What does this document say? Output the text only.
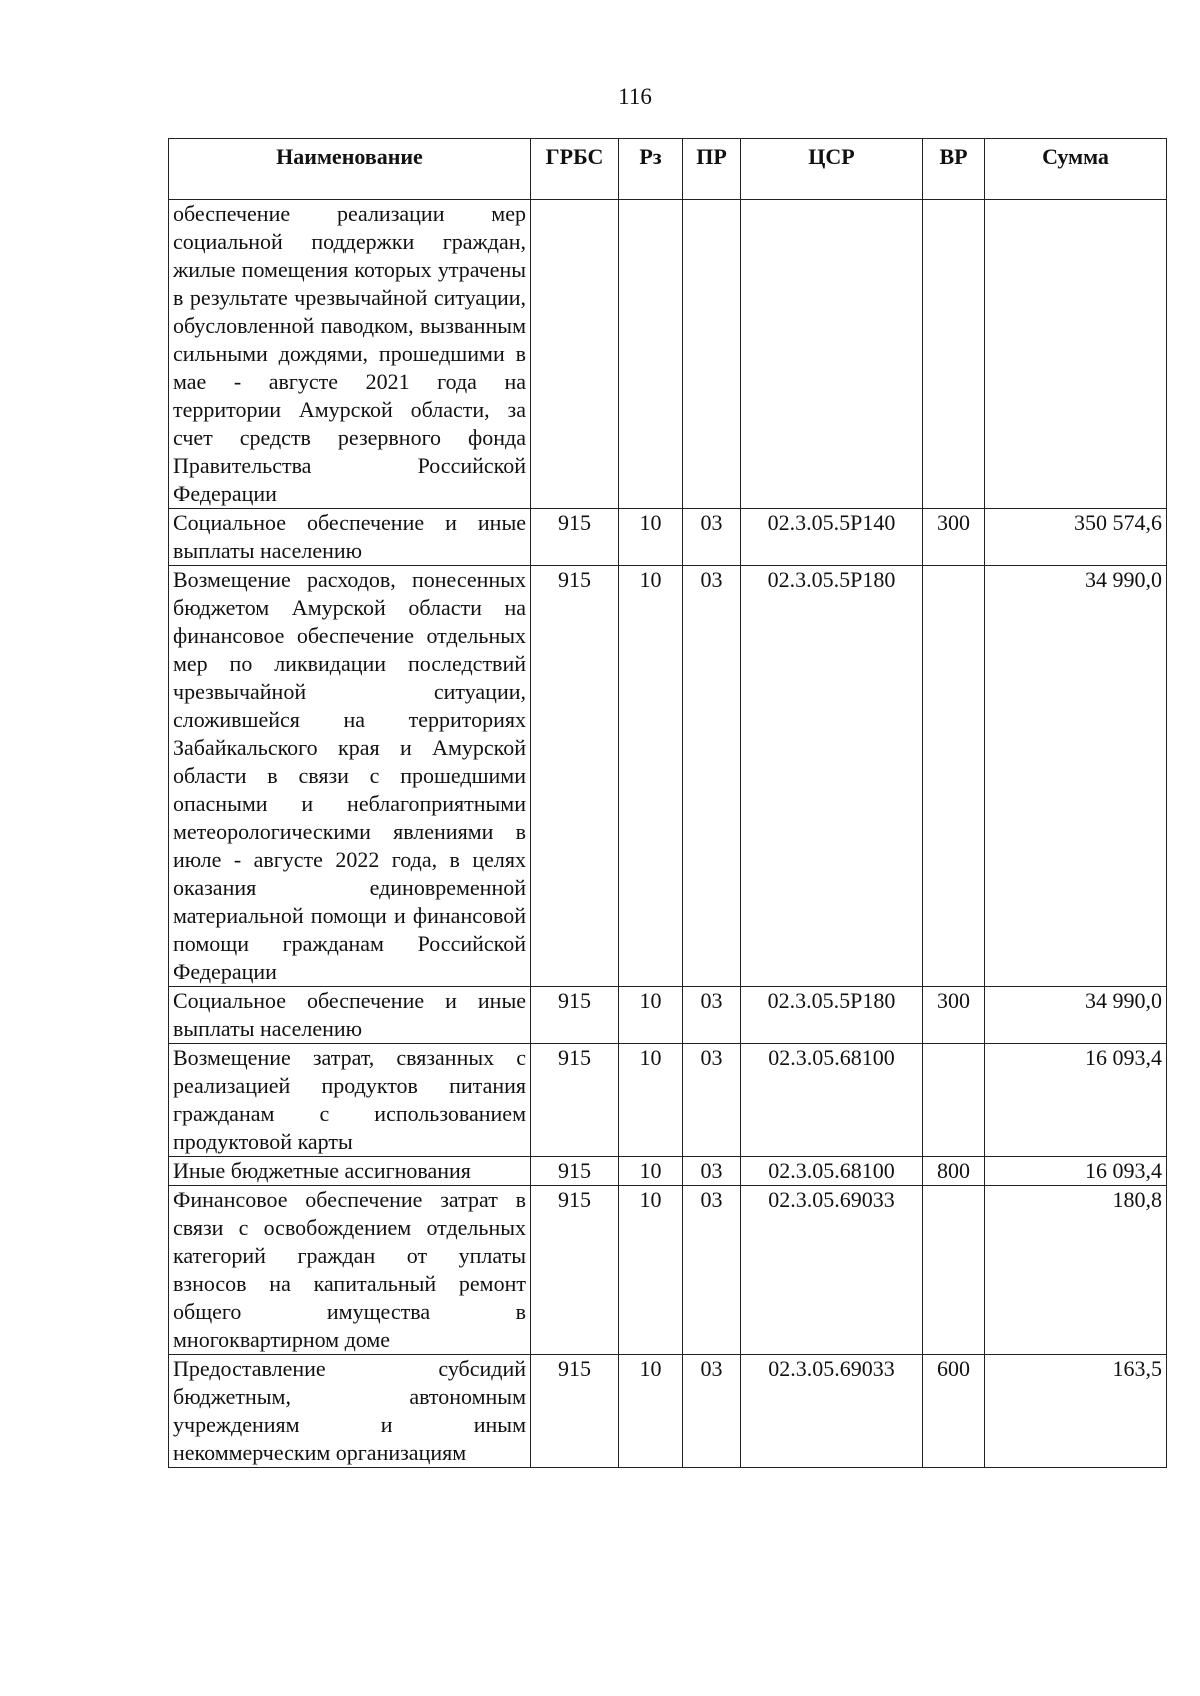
116
Наименование	ГРБС	Рз	ПР	ЦСР	ВР	Сумма
обеспечение реализации мер социальной поддержки граждан, жилые помещения которых утрачены в результате чрезвычайной ситуации, обусловленной паводком, вызванным сильными дождями, прошедшими в мае - августе 2021 года на территории Амурской области, за счет средств резервного фонда Правительства Российской Федерации						
Социальное обеспечение и иные выплаты населению	915	10	03	02.3.05.5Р140	300	350 574,6
Возмещение расходов, понесенных бюджетом Амурской области на финансовое обеспечение отдельных мер по ликвидации последствий чрезвычайной ситуации, сложившейся на территориях Забайкальского края и Амурской области в связи с прошедшими опасными и неблагоприятными метеорологическими явлениями в июле - августе 2022 года, в целях оказания единовременной материальной помощи и финансовой помощи гражданам Российской Федерации	915	10	03	02.3.05.5Р180		34 990,0
Социальное обеспечение и иные выплаты населению	915	10	03	02.3.05.5Р180	300	34 990,0
Возмещение затрат, связанных с реализацией продуктов питания гражданам с использованием продуктовой карты	915	10	03	02.3.05.68100		16 093,4
Иные бюджетные ассигнования	915	10	03	02.3.05.68100	800	16 093,4
Финансовое обеспечение затрат в связи с освобождением отдельных категорий граждан от уплаты взносов на капитальный ремонт общего имущества в многоквартирном доме	915	10	03	02.3.05.69033		180,8
Предоставление субсидий бюджетным, автономным учреждениям и иным некоммерческим организациям	915	10	03	02.3.05.69033	600	163,5
